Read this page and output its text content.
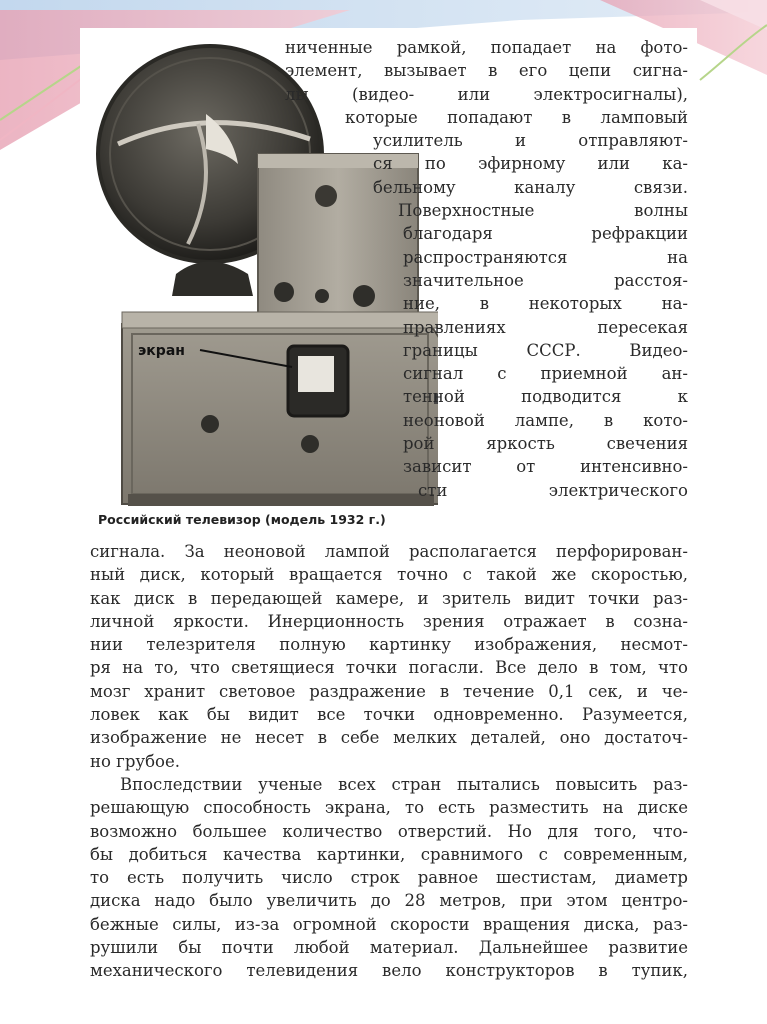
экран
Российский телевизор (модель 1932 г.)
ниченные рамкой, попадает на фото-
элемент, вызывает в его цепи сигна-
лы (видео- или электросигналы),
которые попадают в ламповый
усилитель и отправляют-
ся по эфирному или ка-
бельному каналу связи.
Поверхностные волны
благодаря рефракции
распространяются на
значительное расстоя-
ние, в некоторых на-
правлениях пересекая
границы СССР. Видео-
сигнал с приемной ан-
тенной подводится к
неоновой лампе, в кото-
рой яркость свечения
зависит от интенсивно-
сти электрического
сигнала. За неоновой лампой располагается перфорирован-
ный диск, который вращается точно с такой же скоростью,
как диск в передающей камере, и зритель видит точки раз-
личной яркости. Инерционность зрения отражает в созна-
нии телезрителя полную картинку изображения, несмот-
ря на то, что светящиеся точки погасли. Все дело в том, что
мозг хранит световое раздражение в течение 0,1 сек, и че-
ловек как бы видит все точки одновременно. Разумеется,
изображение не несет в себе мелких деталей, оно достаточ-
но грубое.
Впоследствии ученые всех стран пытались повысить раз-
решающую способность экрана, то есть разместить на диске
возможно большее количество отверстий. Но для того, что-
бы добиться качества картинки, сравнимого с современным,
то есть получить число строк равное шестистам, диаметр
диска надо было увеличить до 28 метров, при этом центро-
бежные силы, из-за огромной скорости вращения диска, раз-
рушили бы почти любой материал. Дальнейшее развитие
механического телевидения вело конструкторов в тупик,
